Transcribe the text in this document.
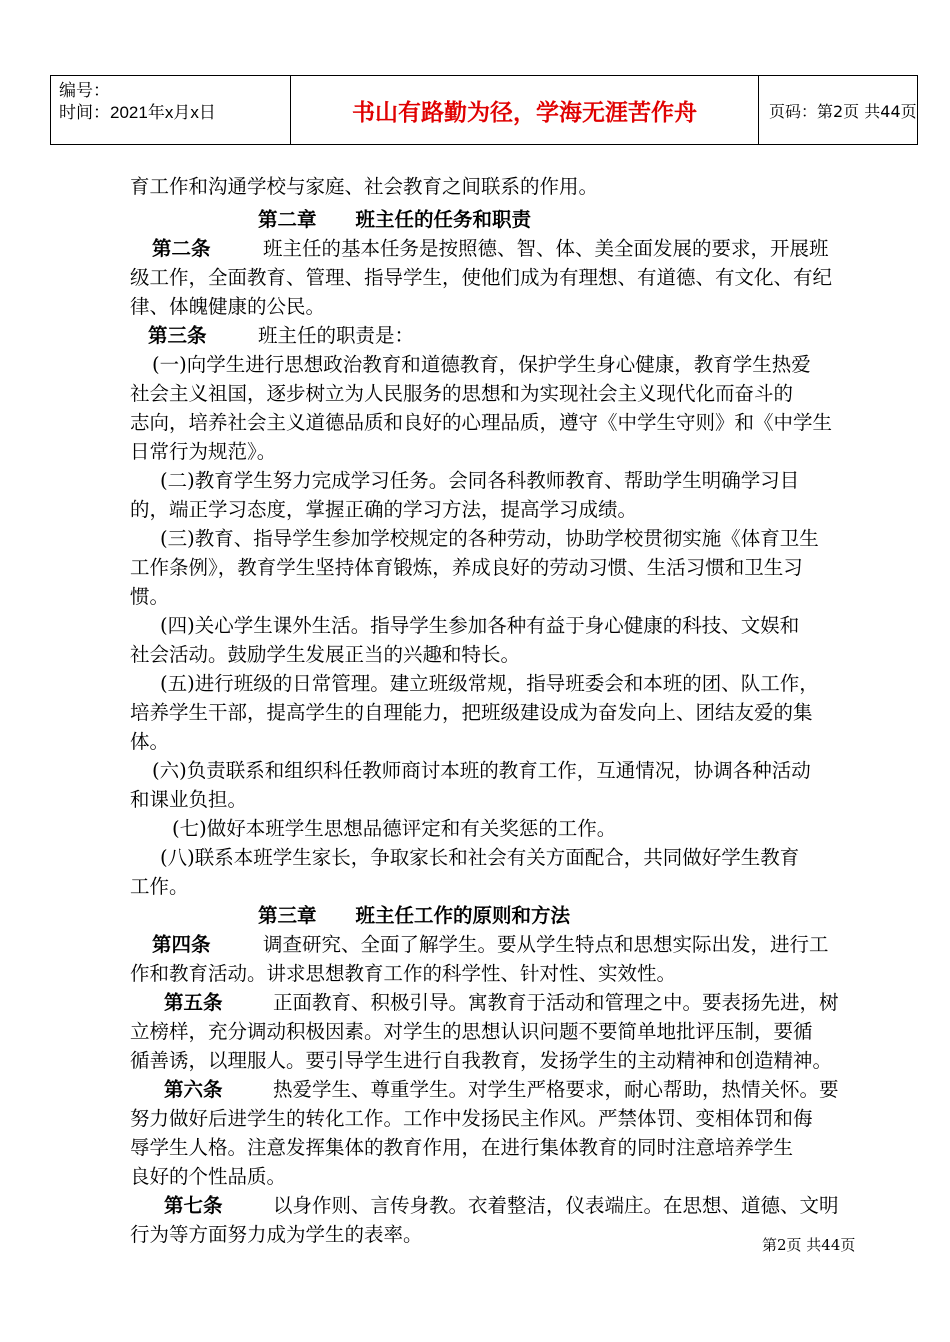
编号：
时间：2021年x月x日	书山有路勤为径，学海无涯苦作舟	页码：第2页 共44页
育工作和沟通学校与家庭、社会教育之间联系的作用。
第二章　　班主任的任务和职责
第二条	班主任的基本任务是按照德、智、体、美全面发展的要求，开展班
级工作，全面教育、管理、指导学生，使他们成为有理想、有道德、有文化、有纪
律、体魄健康的公民。
第三条	班主任的职责是：
(一)向学生进行思想政治教育和道德教育，保护学生身心健康，教育学生热爱
社会主义祖国，逐步树立为人民服务的思想和为实现社会主义现代化而奋斗的
志向，培养社会主义道德品质和良好的心理品质，遵守《中学生守则》和《中学生
日常行为规范》。
(二)教育学生努力完成学习任务。会同各科教师教育、帮助学生明确学习目
的，端正学习态度，掌握正确的学习方法，提高学习成绩。
(三)教育、指导学生参加学校规定的各种劳动，协助学校贯彻实施《体育卫生
工作条例》，教育学生坚持体育锻炼，养成良好的劳动习惯、生活习惯和卫生习
惯。
(四)关心学生课外生活。指导学生参加各种有益于身心健康的科技、文娱和
社会活动。鼓励学生发展正当的兴趣和特长。
(五)进行班级的日常管理。建立班级常规，指导班委会和本班的团、队工作，
培养学生干部，提高学生的自理能力，把班级建设成为奋发向上、团结友爱的集
体。
(六)负责联系和组织科任教师商讨本班的教育工作，互通情况，协调各种活动
和课业负担。
(七)做好本班学生思想品德评定和有关奖惩的工作。
(八)联系本班学生家长，争取家长和社会有关方面配合，共同做好学生教育
工作。
第三章　　班主任工作的原则和方法
第四条	调查研究、全面了解学生。要从学生特点和思想实际出发，进行工
作和教育活动。讲求思想教育工作的科学性、针对性、实效性。
第五条	正面教育、积极引导。寓教育于活动和管理之中。要表扬先进，树
立榜样，充分调动积极因素。对学生的思想认识问题不要简单地批评压制，要循
循善诱，以理服人。要引导学生进行自我教育，发扬学生的主动精神和创造精神。
第六条	热爱学生、尊重学生。对学生严格要求，耐心帮助，热情关怀。要
努力做好后进学生的转化工作。工作中发扬民主作风。严禁体罚、变相体罚和侮
辱学生人格。注意发挥集体的教育作用，在进行集体教育的同时注意培养学生
良好的个性品质。
第七条	以身作则、言传身教。衣着整洁，仪表端庄。在思想、道德、文明
行为等方面努力成为学生的表率。	第2页 共44页
